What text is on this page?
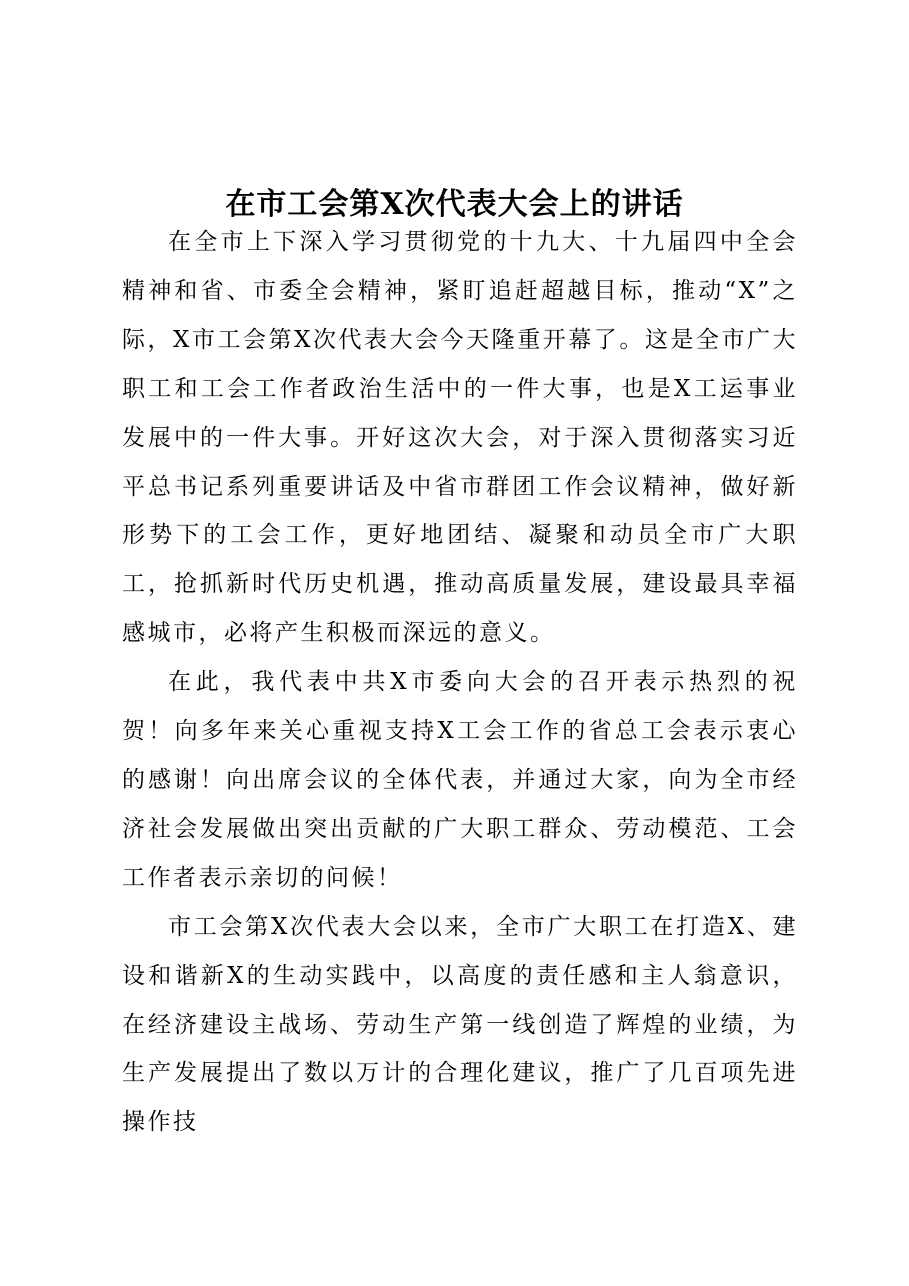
在市工会第X次代表大会上的讲话

在全市上下深入学习贯彻党的十九大、十九届四中全会精神和省、市委全会精神，紧盯追赶超越目标，推动“X”之际，X市工会第X次代表大会今天隆重开幕了。这是全市广大职工和工会工作者政治生活中的一件大事，也是X工运事业发展中的一件大事。开好这次大会，对于深入贯彻落实习近平总书记系列重要讲话及中省市群团工作会议精神，做好新形势下的工会工作，更好地团结、凝聚和动员全市广大职工，抢抓新时代历史机遇，推动高质量发展，建设最具幸福感城市，必将产生积极而深远的意义。

在此，我代表中共X市委向大会的召开表示热烈的祝贺！向多年来关心重视支持X工会工作的省总工会表示衷心的感谢！向出席会议的全体代表，并通过大家，向为全市经济社会发展做出突出贡献的广大职工群众、劳动模范、工会工作者表示亲切的问候！

市工会第X次代表大会以来，全市广大职工在打造X、建设和谐新X的生动实践中，以高度的责任感和主人翁意识，在经济建设主战场、劳动生产第一线创造了辉煌的业绩，为生产发展提出了数以万计的合理化建议，推广了几百项先进操作技
